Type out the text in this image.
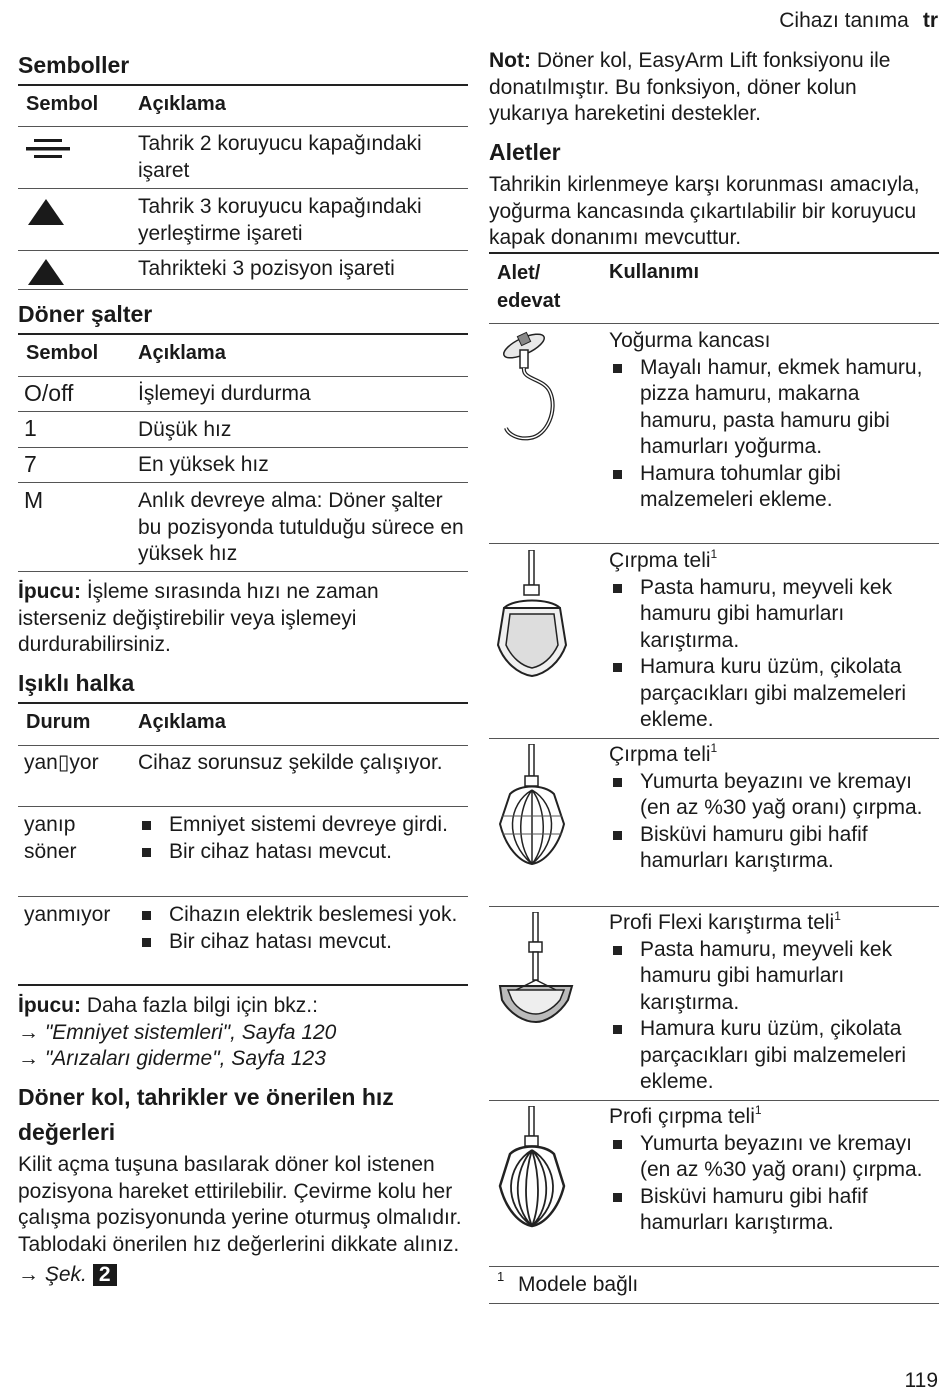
Cihazı tanıma tr
Semboller
Sembol Açıklama
Tahrik 2 koruyucu kapağındaki işaret
Tahrik 3 koruyucu kapağındaki yerleştirme işareti
Tahrikteki 3 pozisyon işareti
Döner şalter
Sembol Açıklama
O/off	İşlemeyi durdurma
1	Düşük hız
7	En yüksek hız
M	Anlık devreye alma: Döner şalter bu pozisyonda tutulduğu sürece en yüksek hız
İpucu: İşleme sırasında hızı ne zaman isterseniz değiştirebilir veya işlemeyi durdurabilirsiniz.
Işıklı halka
Durum Açıklama
yan▯yor Cihaz sorunsuz şekilde çalışıyor.
yanıp söner
Emniyet sistemi devreye girdi.
Bir cihaz hatası mevcut.
yanmıyor	Cihazın elektrik beslemesi yok.
Bir cihaz hatası mevcut.
İpucu: Daha fazla bilgi için bkz.:
→ "Emniyet sistemleri", Sayfa 120
→ "Arızaları giderme", Sayfa 123
Döner kol, tahrikler ve önerilen hız değerleri
Kilit açma tuşuna basılarak döner kol istenen pozisyona hareket ettirilebilir. Çevirme kolu her çalışma pozisyonunda yerine oturmuş olmalıdır.
Tablodaki önerilen hız değerlerini dikkate alınız.
→ Şek. 2
Not: Döner kol, EasyArm Lift fonksiyonu ile donatılmıştır. Bu fonksiyon, döner kolun yukarıya hareketini destekler.
Aletler
Tahrikin kirlenmeye karşı korunması amacıyla, yoğurma kancasında çıkartılabilir bir koruyucu kapak donanımı mevcuttur.
Alet/ edevat
Kullanımı
Yoğurma kancası
Mayalı hamur, ekmek hamuru, pizza hamuru, makarna hamuru, pasta hamuru gibi hamurları yoğurma.
Hamura tohumlar gibi malzemeleri ekleme.
Çırpma teli$^1$
Pasta hamuru, meyveli kek hamuru gibi hamurları karıştırma.
Hamura kuru üzüm, çikolata parçacıkları gibi malzemeleri ekleme.
Çırpma teli$^1$
Yumurta beyazını ve kremayı (en az %30 yağ oranı) çırpma.
Bisküvi hamuru gibi hafif hamurları karıştırma.
Profi Flexi karıştırma teli$^1$
Pasta hamuru, meyveli kek hamuru gibi hamurları karıştırma.
Hamura kuru üzüm, çikolata parçacıkları gibi malzemeleri ekleme.
Profi çırpma teli$^1$
Yumurta beyazını ve kremayı (en az %30 yağ oranı) çırpma.
Bisküvi hamuru gibi hafif hamurları karıştırma.
1 Modele bağlı
119
